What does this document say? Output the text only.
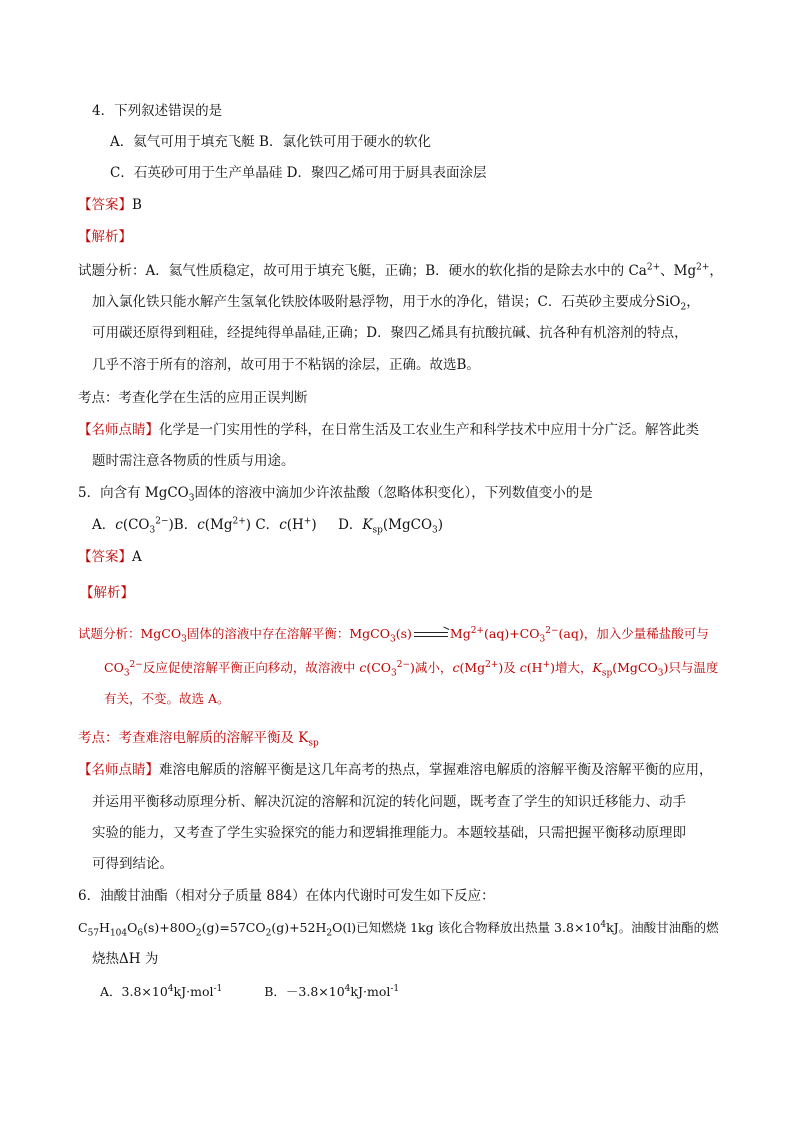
4．下列叙述错误的是
A．氦气可用于填充飞艇 B．氯化铁可用于硬水的软化
C．石英砂可用于生产单晶硅 D．聚四乙烯可用于厨具表面涂层
【答案】B
【解析】
试题分析：A．氦气性质稳定，故可用于填充飞艇，正确；B．硬水的软化指的是除去水中的 $Ca^{2+}$、$Mg^{2+}$，
加入氯化铁只能水解产生氢氧化铁胶体吸附悬浮物，用于水的净化，错误；C．石英砂主要成分SiO$_2$，
可用碳还原得到粗硅，经提纯得单晶硅,正确；D．聚四乙烯具有抗酸抗碱、抗各种有机溶剂的特点，
几乎不溶于所有的溶剂，故可用于不粘锅的涂层，正确。故选B。
考点：考查化学在生活的应用正误判断
【名师点睛】化学是一门实用性的学科，在日常生活及工农业生产和科学技术中应用十分广泛。解答此类
题时需注意各物质的性质与用途。
5．向含有 MgCO$_3$固体的溶液中滴加少许浓盐酸（忽略体积变化），下列数值变小的是
A．$c(CO_3^{2-})B$．$c(Mg^{2+})$ C．c(H+) D．$K_{sp}(MgCO_3)$
【答案】A
【解析】
试题分析：MgCO$_3$固体的溶液中存在溶解平衡：MgCO$_3$(s) → $Mg^{2+}(aq)+CO_3^{2-}(aq)$，加入少量稀盐酸可与
$CO_3^{2-}$反应促使溶解平衡正向移动，故溶液中 $c(CO_3^{2-})$减小，$c(Mg^{2+})$及 c(H+)增大，$K_{sp}(MgCO_3)$只与温度
有关，不变。故选 A。
考点：考查难溶电解质的溶解平衡及 $K_{sp}$
【名师点睛】难溶电解质的溶解平衡是这几年高考的热点，掌握难溶电解质的溶解平衡及溶解平衡的应用，
并运用平衡移动原理分析、解决沉淀的溶解和沉淀的转化问题，既考查了学生的知识迁移能力、动手
实验的能力，又考查了学生实验探究的能力和逻辑推理能力。本题较基础，只需把握平衡移动原理即
可得到结论。
6．油酸甘油酯（相对分子质量 884）在体内代谢时可发生如下反应：
$C_{57}H_{104}O_6(s)+80O_2(g)=57CO_2(g)+52H_2O(l)$已知燃烧 1kg 该化合物释放出热量 $3.8\times 10^4kJ$。油酸甘油酯的燃
烧热ΔH 为
A．$3.8\times 10^4kJ\cdot mol^{-1}$	B．$-3.8\times 10^4kJ\cdot mol^{-1}$
